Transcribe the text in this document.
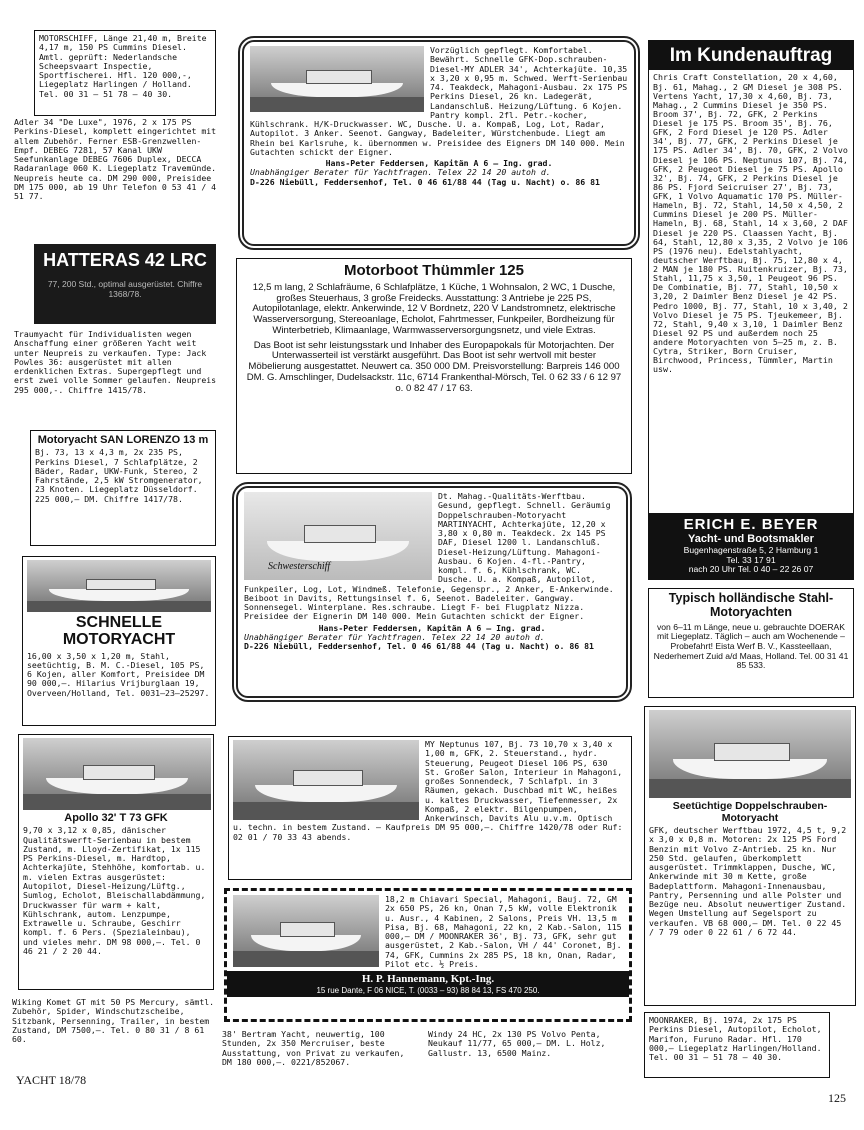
MOTORSCHIFF, Länge 21,40 m, Breite 4,17 m, 150 PS Cummins Diesel. Amtl. geprüft: Nederlandsche Scheepsvaart Inspectie, Sportfischerei. Hfl. 120 000,-, Liegeplatz Harlingen / Holland. Tel. 00 31 – 51 78 – 40 30.

Adler 34 "De Luxe", 1976, 2 x 175 PS Perkins-Diesel, komplett eingerichtet mit allem Zubehör. Ferner ESB-Grenzwellen-Empf. DEBEG 7281, 57 Kanal UKW Seefunkanlage DEBEG 7606 Duplex, DECCA Radaranlage 060 K. Liegeplatz Travemünde. Neupreis heute ca. DM 290 000, Preisidee DM 175 000, ab 19 Uhr Telefon 0 53 41 / 4 51 77.

HATTERAS 42 LRC
77, 200 Std., optimal ausgerüstet. Chiffre 1368/78.

Traumyacht für Individualisten wegen Anschaffung einer größeren Yacht weit unter Neupreis zu verkaufen. Type: Jack Powles 36: ausgerüstet mit allen erdenklichen Extras. Supergepflegt und erst zwei volle Sommer gelaufen. Neupreis 295 000,-. Chiffre 1415/78.

Motoryacht SAN LORENZO 13 m

Bj. 73, 13 x 4,3 m, 2x 235 PS, Perkins Diesel, 7 Schlafplätze, 2 Bäder, Radar, UKW-Funk, Stereo, 2 Fahrstände, 2,5 kW Stromgenerator, 23 Knoten. Liegeplatz Düsseldorf. 225 000,— DM. Chiffre 1417/78.

SCHNELLE MOTORYACHT

16,00 x 3,50 x 1,20 m, Stahl, seetüchtig, B. M. C.-Diesel, 105 PS, 6 Kojen, aller Komfort, Preisidee DM 90 000,—. Hilarius Vrijburglaan 19, Overveen/Holland, Tel. 0031–23–25297.

Apollo 32' T 73 GFK

9,70 x 3,12 x 0,85, dänischer Qualitätswerft-Serienbau in bestem Zustand, m. Lloyd-Zertifikat, 1x 115 PS Perkins-Diesel, m. Hardtop, Achterkajüte, Stehhöhe, komfortab. u. m. vielen Extras ausgerüstet: Autopilot, Diesel-Heizung/Lüftg., Sumlog, Echolot, Bleischallabdämmung, Druckwasser für warm + kalt, Kühlschrank, autom. Lenzpumpe, Extrawelle u. Schraube, Geschirr kompl. f. 6 Pers. (Spezialeinbau), und vieles mehr. DM 98 000,—. Tel. 0 46 21 / 2 20 44.

Wiking Komet GT mit 50 PS Mercury, sämtl. Zubehör, Spider, Windschutzscheibe, Sitzbank, Persenning, Trailer, in bestem Zustand, DM 7500,—. Tel. 0 80 31 / 8 61 60.

YACHT 18/78

Vorzüglich gepflegt. Komfortabel. Bewährt. Schnelle GFK-Dop.schrauben-Diesel-MY ADLER 34', Achterkajüte. 10,35 x 3,20 x 0,95 m. Schwed. Werft-Serienbau 74. Teakdeck, Mahagoni-Ausbau. 2x 175 PS Perkins Diesel, 26 kn. Ladegerät, Landanschluß. Heizung/Lüftung. 6 Kojen. Pantry kompl. 2fl. Petr.-kocher, Kühlschrank. H/K-Druckwasser. WC, Dusche. U. a. Kompaß, Log, Lot, Radar, Autopilot. 3 Anker. Seenot. Gangway, Badeleiter, Würstchenbude. Liegt am Rhein bei Karlsruhe, k. übernommen w. Preisidee des Eigners DM 140 000. Mein Gutachten schickt der Eigner.

Hans-Peter Feddersen, Kapitän A 6 – Ing. grad.

Unabhängiger Berater für Yachtfragen. Telex 22 14 20 autoh d.

D-226 Niebüll, Feddersenhof, Tel. 0 46 61/88 44 (Tag u. Nacht) o. 86 81

Motorboot Thümmler 125

12,5 m lang, 2 Schlafräume, 6 Schlafplätze, 1 Küche, 1 Wohnsalon, 2 WC, 1 Dusche, großes Steuerhaus, 3 große Freidecks. Ausstattung: 3 Antriebe je 225 PS, Autopilotanlage, elektr. Ankerwinde, 12 V Bordnetz, 220 V Landstromnetz, elektrische Wasserversorgung, Stereoanlage, Echolot, Fahrtmesser, Funkpeiler, Bordheizung für Winterbetrieb, Klimaanlage, Warmwasserversorgungsnetz, und viele Extras.

Das Boot ist sehr leistungsstark und Inhaber des Europapokals für Motorjachten. Der Unterwasserteil ist verstärkt ausgeführt. Das Boot ist sehr wertvoll mit bester Möbelierung ausgestattet. Neuwert ca. 350 000 DM. Preisvorstellung: Barpreis 146 000 DM. G. Amschlinger, Dudelsackstr. 11c, 6714 Frankenthal-Mörsch, Tel. 0 62 33 / 6 12 97 o. 0 82 47 / 17 63.

Schwesterschiff

Dt. Mahag.-Qualitäts-Werftbau. Gesund, gepflegt. Schnell. Geräumig Doppelschrauben-Motoryacht MARTINYACHT, Achterkajüte, 12,20 x 3,80 x 0,80 m. Teakdeck. 2x 145 PS DAF, Diesel 1200 l. Landanschluß. Diesel-Heizung/Lüftung. Mahagoni-Ausbau. 6 Kojen. 4-fl.-Pantry, kompl. f. 6, Kühlschrank, WC. Dusche. U. a. Kompaß, Autopilot, Funkpeiler, Log, Lot, Windmeß. Telefonie, Gegenspr., 2 Anker, E-Ankerwinde. Beiboot in Davits, Rettungsinsel f. 6, Seenot. Badeleiter. Gangway. Sonnensegel. Winterplane. Res.schraube. Liegt F- bei Flugplatz Nizza. Preisidee der Eignerin DM 140 000. Mein Gutachten schickt der Eigner.

Hans-Peter Feddersen, Kapitän A 6 – Ing. grad.

Unabhängiger Berater für Yachtfragen. Telex 22 14 20 autoh d.

D-226 Niebüll, Feddersenhof, Tel. 0 46 61/88 44 (Tag u. Nacht) o. 86 81

MY Neptunus 107, Bj. 73 10,70 x 3,40 x 1,00 m, GFK, 2. Steuerstand., hydr. Steuerung, Peugeot Diesel 106 PS, 630 St. Großer Salon, Interieur in Mahagoni, großes Sonnendeck, 7 Schlafpl. in 3 Räumen, gekach. Duschbad mit WC, heißes u. kaltes Druckwasser, Tiefenmesser, 2x Kompaß, 2 elektr. Bilgenpumpen, Ankerwinsch, Davits Alu u.v.m. Optisch u. techn. in bestem Zustand. – Kaufpreis DM 95 000,—. Chiffre 1420/78 oder Ruf: 02 01 / 70 33 43 abends.

18,2 m Chiavari Special, Mahagoni, Bauj. 72, GM 2x 650 PS, 26 kn, Onan 7,5 kW, volle Elektronik u. Ausr., 4 Kabinen, 2 Salons, Preis VH. 13,5 m Pisa, Bj. 68, Mahagoni, 22 kn, 2 Kab.-Salon, 115 000,— DM / MOONRAKER 36', Bj. 73, GFK, sehr gut ausgerüstet, 2 Kab.-Salon, VH / 44' Coronet, Bj. 74, GFK, Cummins 2x 285 PS, 18 kn, Onan, Radar, Pilot etc. ½ Preis.

H. P. Hannemann, Kpt.-Ing.
15 rue Dante, F 06 NICE, T. (0033 – 93) 88 84 13, FS 470 250.

38' Bertram Yacht, neuwertig, 100 Stunden, 2x 350 Mercruiser, beste Ausstattung, von Privat zu verkaufen, DM 180 000,—. 0221/852067.

Windy 24 HC, 2x 130 PS Volvo Penta, Neukauf 11/77, 65 000,— DM. L. Holz, Gallustr. 13, 6500 Mainz.

Im Kundenauftrag

Chris Craft Constellation, 20 x 4,60, Bj. 61, Mahag., 2 GM Diesel je 308 PS. Vertens Yacht, 17,30 x 4,60, Bj. 73, Mahag., 2 Cummins Diesel je 350 PS. Broom 37', Bj. 72, GFK, 2 Perkins Diesel je 175 PS. Broom 35', Bj. 76, GFK, 2 Ford Diesel je 120 PS. Adler 34', Bj. 77, GFK, 2 Perkins Diesel je 175 PS. Adler 34', Bj. 70, GFK, 2 Volvo Diesel je 106 PS. Neptunus 107, Bj. 74, GFK, 2 Peugeot Diesel je 75 PS. Apollo 32', Bj. 74, GFK, 2 Perkins Diesel je 86 PS. Fjord Seicruiser 27', Bj. 73, GFK, 1 Volvo Aquamatic 170 PS. Müller-Hameln, Bj. 72, Stahl, 14,50 x 4,50, 2 Cummins Diesel je 200 PS. Müller-Hameln, Bj. 68, Stahl, 14 x 3,60, 2 DAF Diesel je 220 PS. Claassen Yacht, Bj. 64, Stahl, 12,80 x 3,35, 2 Volvo je 106 PS (1976 neu). Edelstahlyacht, deutscher Werftbau, Bj. 75, 12,80 x 4, 2 MAN je 180 PS. Ruitenkruizer, Bj. 73, Stahl, 11,75 x 3,50, 1 Peugeot 96 PS. De Combinatie, Bj. 77, Stahl, 10,50 x 3,20, 2 Daimler Benz Diesel je 42 PS. Pedro 1000, Bj. 77, Stahl, 10 x 3,40, 2 Volvo Diesel je 75 PS. Tjeukemeer, Bj. 72, Stahl, 9,40 x 3,10, 1 Daimler Benz Diesel 92 PS und außerdem noch 25 andere Motoryachten von 5–25 m, z. B. Cytra, Striker, Born Cruiser, Birchwood, Princess, Tümmler, Martin usw.

ERICH E. BEYER
Yacht- und Bootsmakler
Bugenhagenstraße 5, 2 Hamburg 1
Tel. 33 17 91
nach 20 Uhr Tel. 0 40 – 22 26 07
Typisch holländische Stahl-Motoryachten

von 6–11 m Länge, neue u. gebrauchte DOERAK mit Liegeplatz. Täglich – auch am Wochenende – Probefahrt! Eista Werf B. V., Kassteellaan, Nederhemert Zuid a/d Maas, Holland. Tel. 00 31 41 85 533.

Seetüchtige Doppelschrauben-Motoryacht

GFK, deutscher Werftbau 1972, 4,5 t, 9,2 x 3,0 x 0,8 m. Motoren: 2x 125 PS Ford Benzin mit Volvo Z-Antrieb. 25 kn. Nur 250 Std. gelaufen, überkomplett ausgerüstet. Trimmklappen, Dusche, WC, Ankerwinde mit 30 m Kette, große Badeplattform. Mahagoni-Innenausbau, Pantry, Persenning und alle Polster und Bezüge neu. Absolut neuwertiger Zustand. Wegen Umstellung auf Segelsport zu verkaufen. VB 68 000,— DM. Tel. 0 22 45 / 7 79 oder 0 22 61 / 6 72 44.

MOONRAKER, Bj. 1974, 2x 175 PS Perkins Diesel, Autopilot, Echolot, Marifon, Furuno Radar. Hfl. 170 000,— Liegeplatz Harlingen/Holland. Tel. 00 31 – 51 78 – 40 30.

125
